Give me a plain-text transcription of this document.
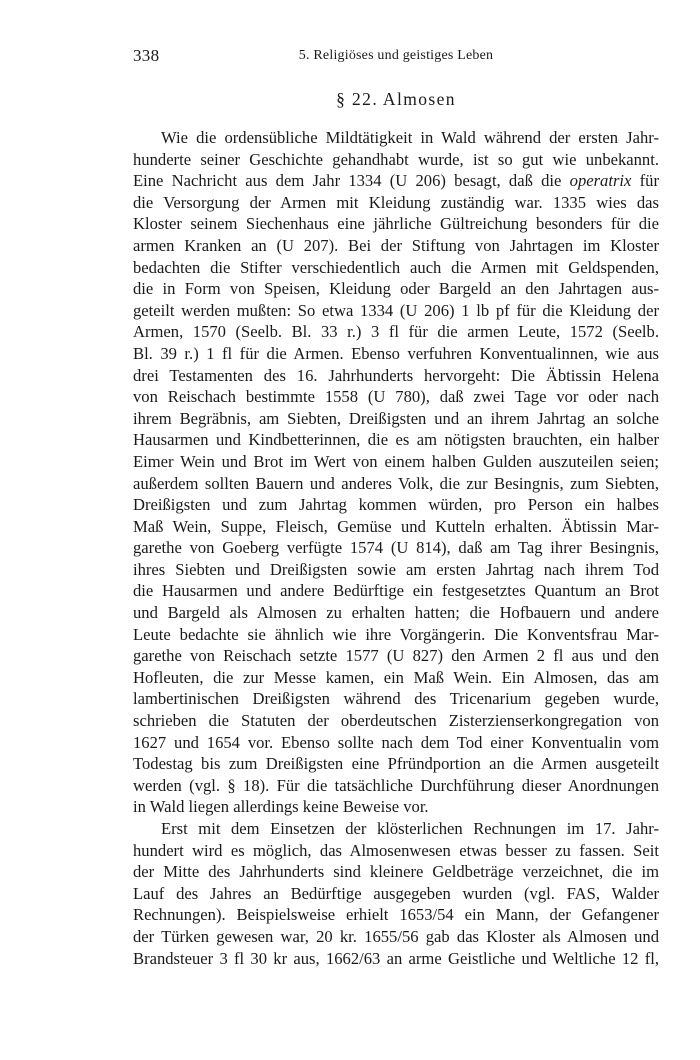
338	5. Religiöses und geistiges Leben
§ 22. Almosen
Wie die ordensübliche Mildtätigkeit in Wald während der ersten Jahr-
hunderte seiner Geschichte gehandhabt wurde, ist so gut wie unbekannt.
Eine Nachricht aus dem Jahr 1334 (U 206) besagt, daß die operatrix für
die Versorgung der Armen mit Kleidung zuständig war. 1335 wies das
Kloster seinem Siechenhaus eine jährliche Gültreichung besonders für die
armen Kranken an (U 207). Bei der Stiftung von Jahrtagen im Kloster
bedachten die Stifter verschiedentlich auch die Armen mit Geldspenden,
die in Form von Speisen, Kleidung oder Bargeld an den Jahrtagen aus-
geteilt werden mußten: So etwa 1334 (U 206) 1 lb pf für die Kleidung der
Armen, 1570 (Seelb. Bl. 33 r.) 3 fl für die armen Leute, 1572 (Seelb.
Bl. 39 r.) 1 fl für die Armen. Ebenso verfuhren Konventualinnen, wie aus
drei Testamenten des 16. Jahrhunderts hervorgeht: Die Äbtissin Helena
von Reischach bestimmte 1558 (U 780), daß zwei Tage vor oder nach
ihrem Begräbnis, am Siebten, Dreißigsten und an ihrem Jahrtag an solche
Hausarmen und Kindbetterinnen, die es am nötigsten brauchten, ein halber
Eimer Wein und Brot im Wert von einem halben Gulden auszuteilen seien;
außerdem sollten Bauern und anderes Volk, die zur Besingnis, zum Siebten,
Dreißigsten und zum Jahrtag kommen würden, pro Person ein halbes
Maß Wein, Suppe, Fleisch, Gemüse und Kutteln erhalten. Äbtissin Mar-
garethe von Goeberg verfügte 1574 (U 814), daß am Tag ihrer Besingnis,
ihres Siebten und Dreißigsten sowie am ersten Jahrtag nach ihrem Tod
die Hausarmen und andere Bedürftige ein festgesetztes Quantum an Brot
und Bargeld als Almosen zu erhalten hatten; die Hofbauern und andere
Leute bedachte sie ähnlich wie ihre Vorgängerin. Die Konventsfrau Mar-
garethe von Reischach setzte 1577 (U 827) den Armen 2 fl aus und den
Hofleuten, die zur Messe kamen, ein Maß Wein. Ein Almosen, das am
lambertinischen Dreißigsten während des Tricenarium gegeben wurde,
schrieben die Statuten der oberdeutschen Zisterzienserkongregation von
1627 und 1654 vor. Ebenso sollte nach dem Tod einer Konventualin vom
Todestag bis zum Dreißigsten eine Pfründportion an die Armen ausgeteilt
werden (vgl. § 18). Für die tatsächliche Durchführung dieser Anordnungen
in Wald liegen allerdings keine Beweise vor.
Erst mit dem Einsetzen der klösterlichen Rechnungen im 17. Jahr-
hundert wird es möglich, das Almosenwesen etwas besser zu fassen. Seit
der Mitte des Jahrhunderts sind kleinere Geldbeträge verzeichnet, die im
Lauf des Jahres an Bedürftige ausgegeben wurden (vgl. FAS, Walder
Rechnungen). Beispielsweise erhielt 1653/54 ein Mann, der Gefangener
der Türken gewesen war, 20 kr. 1655/56 gab das Kloster als Almosen und
Brandsteuer 3 fl 30 kr aus, 1662/63 an arme Geistliche und Weltliche 12 fl,
